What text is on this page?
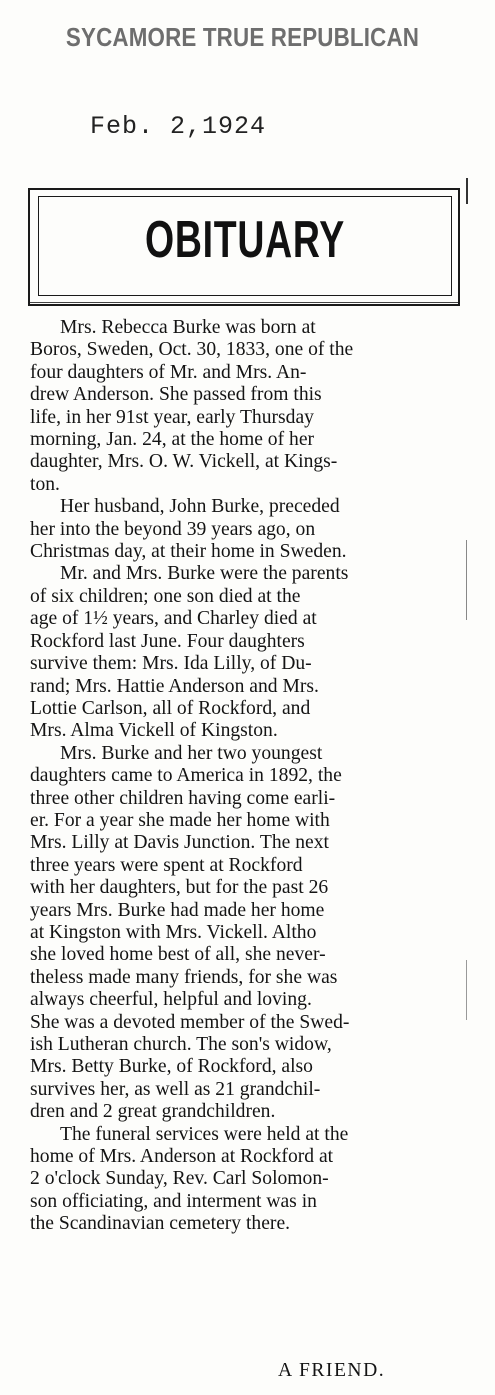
SYCAMORE TRUE REPUBLICAN
Feb. 2,1924
OBITUARY

Mrs. Rebecca Burke was born at

Boros, Sweden, Oct. 30, 1833, one of the

four daughters of Mr. and Mrs. An-

drew Anderson. She passed from this

life, in her 91st year, early Thursday

morning, Jan. 24, at the home of her

daughter, Mrs. O. W. Vickell, at Kings-

ton.

Her husband, John Burke, preceded

her into the beyond 39 years ago, on

Christmas day, at their home in Sweden.

Mr. and Mrs. Burke were the parents

of six children; one son died at the

age of 1½ years, and Charley died at

Rockford last June. Four daughters

survive them: Mrs. Ida Lilly, of Du-

rand; Mrs. Hattie Anderson and Mrs.

Lottie Carlson, all of Rockford, and

Mrs. Alma Vickell of Kingston.

Mrs. Burke and her two youngest

daughters came to America in 1892, the

three other children having come earli-

er. For a year she made her home with

Mrs. Lilly at Davis Junction. The next

three years were spent at Rockford

with her daughters, but for the past 26

years Mrs. Burke had made her home

at Kingston with Mrs. Vickell. Altho

she loved home best of all, she never-

theless made many friends, for she was

always cheerful, helpful and loving.

She was a devoted member of the Swed-

ish Lutheran church. The son's widow,

Mrs. Betty Burke, of Rockford, also

survives her, as well as 21 grandchil-

dren and 2 great grandchildren.

The funeral services were held at the

home of Mrs. Anderson at Rockford at

2 o'clock Sunday, Rev. Carl Solomon-

son officiating, and interment was in

the Scandinavian cemetery there.

A FRIEND.
